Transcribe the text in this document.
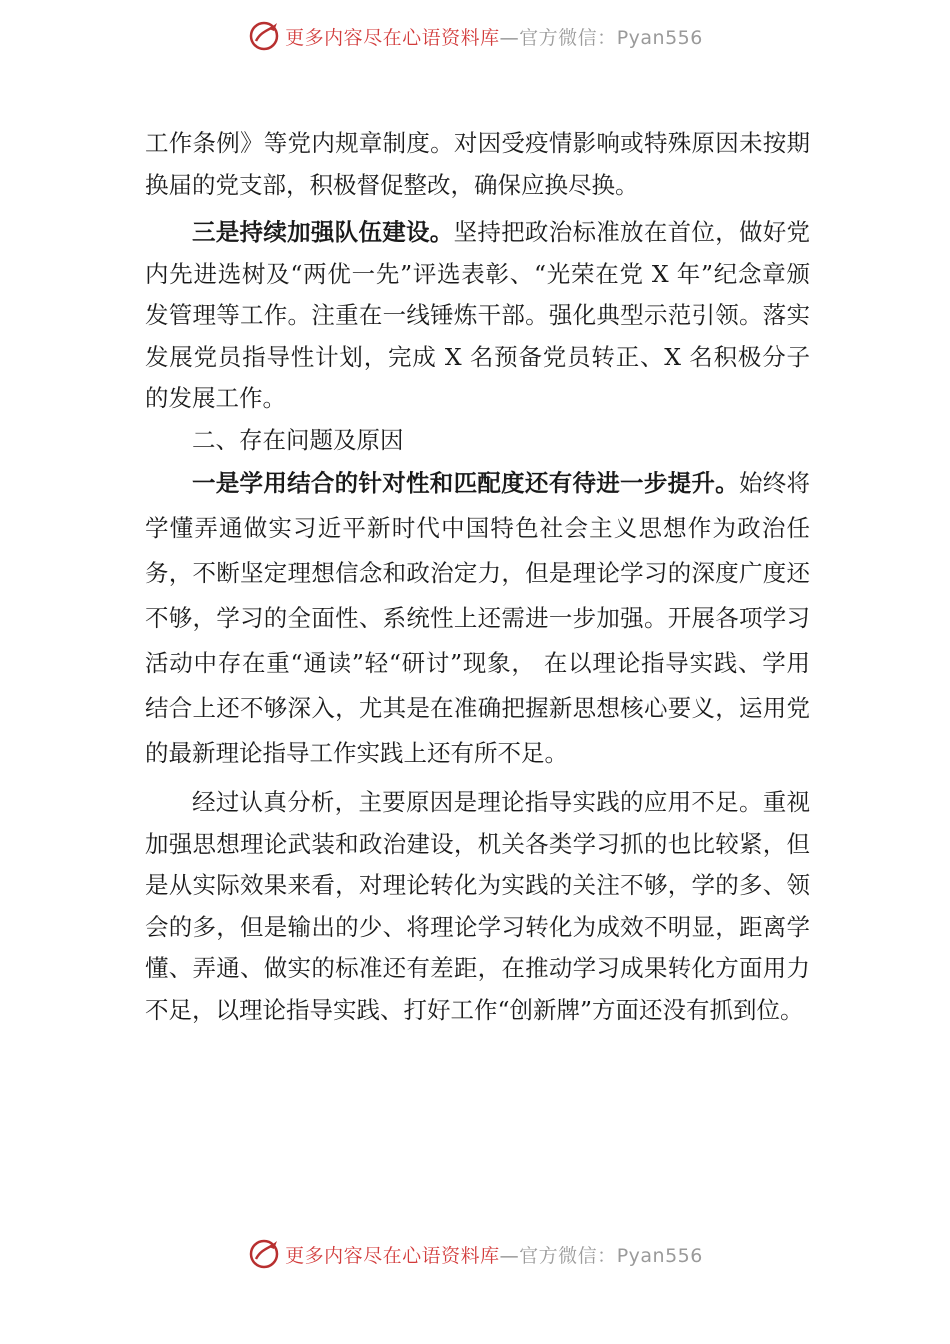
更多内容尽在心语资料库—官方微信：Pyan556

工作条例》等党内规章制度。对因受疫情影响或特殊原因未按期换届的党支部，积极督促整改，确保应换尽换。

三是持续加强队伍建设。坚持把政治标准放在首位，做好党内先进选树及“两优一先”评选表彰、“光荣在党 X 年”纪念章颁发管理等工作。注重在一线锤炼干部。强化典型示范引领。落实发展党员指导性计划，完成 X 名预备党员转正、X 名积极分子的发展工作。

二、存在问题及原因

一是学用结合的针对性和匹配度还有待进一步提升。始终将学懂弄通做实习近平新时代中国特色社会主义思想作为政治任务，不断坚定理想信念和政治定力，但是理论学习的深度广度还不够，学习的全面性、系统性上还需进一步加强。开展各项学习活动中存在重“通读”轻“研讨”现象， 在以理论指导实践、学用结合上还不够深入，尤其是在准确把握新思想核心要义，运用党的最新理论指导工作实践上还有所不足。

经过认真分析，主要原因是理论指导实践的应用不足。重视加强思想理论武装和政治建设，机关各类学习抓的也比较紧，但是从实际效果来看，对理论转化为实践的关注不够，学的多、领会的多，但是输出的少、将理论学习转化为成效不明显，距离学懂、弄通、做实的标准还有差距，在推动学习成果转化方面用力不足，以理论指导实践、打好工作“创新牌”方面还没有抓到位。

更多内容尽在心语资料库—官方微信：Pyan556
